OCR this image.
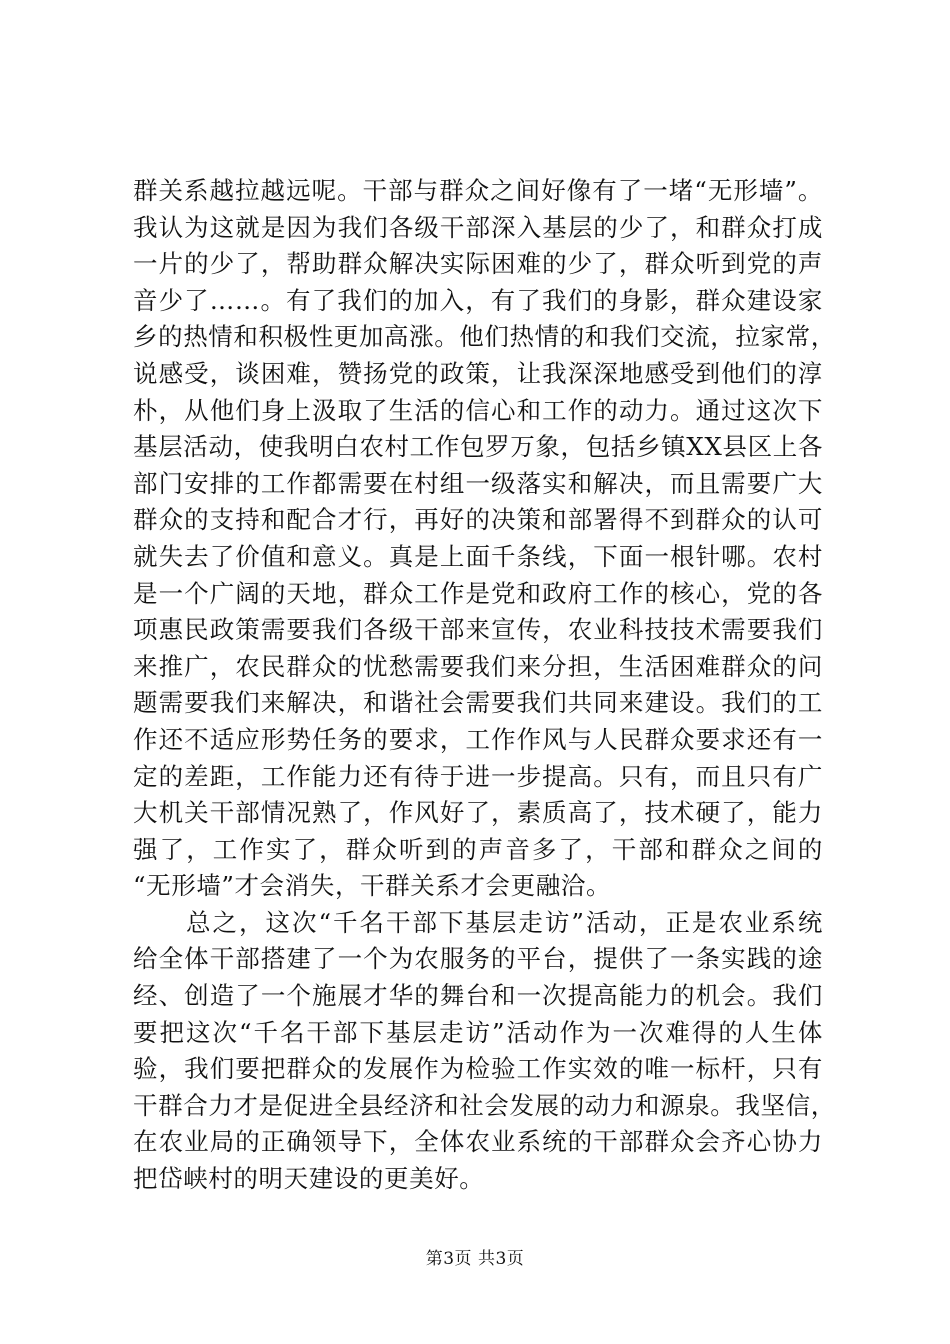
群关系越拉越远呢。干部与群众之间好像有了一堵“无形墙”。
我认为这就是因为我们各级干部深入基层的少了，和群众打成
一片的少了，帮助群众解决实际困难的少了，群众听到党的声
音少了……。有了我们的加入，有了我们的身影，群众建设家
乡的热情和积极性更加高涨。他们热情的和我们交流，拉家常，
说感受，谈困难，赞扬党的政策，让我深深地感受到他们的淳
朴，从他们身上汲取了生活的信心和工作的动力。通过这次下
基层活动，使我明白农村工作包罗万象，包括乡镇XX县区上各
部门安排的工作都需要在村组一级落实和解决，而且需要广大
群众的支持和配合才行，再好的决策和部署得不到群众的认可
就失去了价值和意义。真是上面千条线，下面一根针哪。农村
是一个广阔的天地，群众工作是党和政府工作的核心，党的各
项惠民政策需要我们各级干部来宣传，农业科技技术需要我们
来推广，农民群众的忧愁需要我们来分担，生活困难群众的问
题需要我们来解决，和谐社会需要我们共同来建设。我们的工
作还不适应形势任务的要求，工作作风与人民群众要求还有一
定的差距，工作能力还有待于进一步提高。只有，而且只有广
大机关干部情况熟了，作风好了，素质高了，技术硬了，能力
强了，工作实了，群众听到的声音多了，干部和群众之间的
“无形墙”才会消失，干群关系才会更融洽。
　　总之，这次“千名干部下基层走访”活动，正是农业系统
给全体干部搭建了一个为农服务的平台，提供了一条实践的途
经、创造了一个施展才华的舞台和一次提高能力的机会。我们
要把这次“千名干部下基层走访”活动作为一次难得的人生体
验，我们要把群众的发展作为检验工作实效的唯一标杆，只有
干群合力才是促进全县经济和社会发展的动力和源泉。我坚信，
在农业局的正确领导下，全体农业系统的干部群众会齐心协力
把岱峡村的明天建设的更美好。
第3页 共3页
